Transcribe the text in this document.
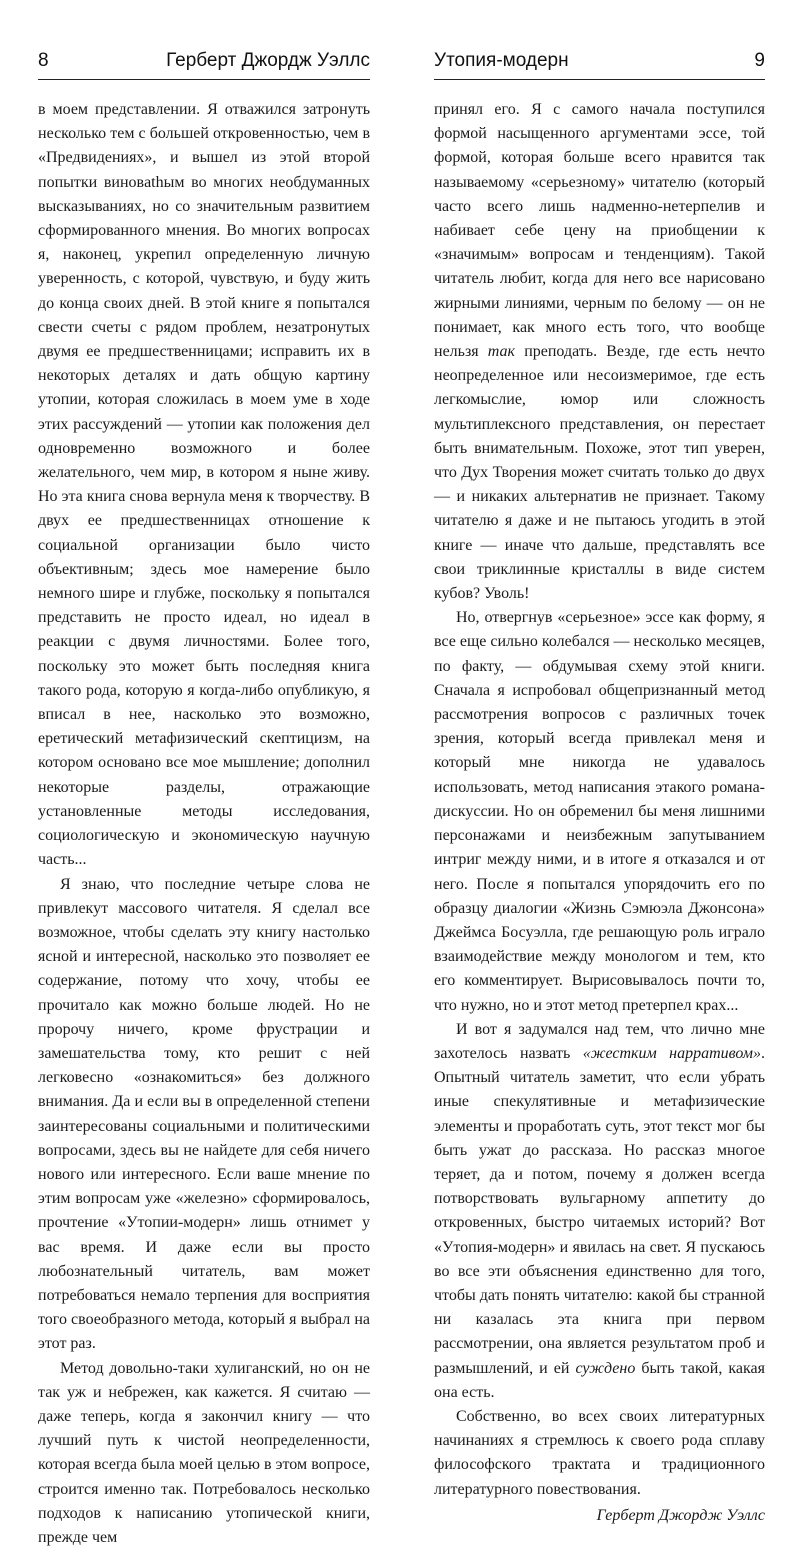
8	Герберт Джордж Уэллс

в моем представлении. Я отважился затронуть несколько тем с большей откровенностью, чем в «Предвидениях», и вышел из этой второй попытки виновathым во многих необдуманных высказываниях, но со значительным развитием сформированного мнения. Во многих вопросах я, наконец, укрепил определенную личную уверенность, с которой, чувствую, и буду жить до конца своих дней. В этой книге я попытался свести счеты с рядом проблем, незатронутых двумя ее предшественницами; исправить их в некоторых деталях и дать общую картину утопии, которая сложилась в моем уме в ходе этих рассуждений — утопии как положения дел одновременно возможного и более желательного, чем мир, в котором я ныне живу. Но эта книга снова вернула меня к творчеству. В двух ее предшественницах отношение к социальной организации было чисто объективным; здесь мое намерение было немного шире и глубже, поскольку я попытался представить не просто идеал, но идеал в реакции с двумя личностями. Более того, поскольку это может быть последняя книга такого рода, которую я когда-либо опубликую, я вписал в нее, насколько это возможно, еретический метафизический скептицизм, на котором основано все мое мышление; дополнил некоторые разделы, отражающие установленные методы исследования, социологическую и экономическую научную часть...

Я знаю, что последние четыре слова не привлекут массового читателя. Я сделал все возможное, чтобы сделать эту книгу настолько ясной и интересной, насколько это позволяет ее содержание, потому что хочу, чтобы ее прочитало как можно больше людей. Но не пророчу ничего, кроме фрустрации и замешательства тому, кто решит с ней легковесно «ознакомиться» без должного внимания. Да и если вы в определенной степени заинтересованы социальными и политическими вопросами, здесь вы не найдете для себя ничего нового или интересного. Если ваше мнение по этим вопросам уже «железно» сформировалось, прочтение «Утопии-модерн» лишь отнимет у вас время. И даже если вы просто любознательный читатель, вам может потребоваться немало терпения для восприятия того своеобразного метода, который я выбрал на этот раз.

Метод довольно-таки хулиганский, но он не так уж и небрежен, как кажется. Я считаю — даже теперь, когда я закончил книгу — что лучший путь к чистой неопределенности, которая всегда была моей целью в этом вопросе, строится именно так. Потребовалось несколько подходов к написанию утопической книги, прежде чем

Утопия-модерн	9

принял его. Я с самого начала поступился формой насыщенного аргументами эссе, той формой, которая больше всего нравится так называемому «серьезному» читателю (который часто всего лишь надменно-нетерпелив и набивает себе цену на приобщении к «значимым» вопросам и тенденциям). Такой читатель любит, когда для него все нарисовано жирными линиями, черным по белому — он не понимает, как много есть того, что вообще нельзя так преподать. Везде, где есть нечто неопределенное или несоизмеримое, где есть легкомыслие, юмор или сложность мультиплексного представления, он перестает быть внимательным. Похоже, этот тип уверен, что Дух Творения может считать только до двух — и никаких альтернатив не признает. Такому читателю я даже и не пытаюсь угодить в этой книге — иначе что дальше, представлять все свои триклинные кристаллы в виде систем кубов? Уволь!

Но, отвергнув «серьезное» эссе как форму, я все еще сильно колебался — несколько месяцев, по факту, — обдумывая схему этой книги. Сначала я испробовал общепризнанный метод рассмотрения вопросов с различных точек зрения, который всегда привлекал меня и который мне никогда не удавалось использовать, метод написания этакого романа-дискуссии. Но он обременил бы меня лишними персонажами и неизбежным запутыванием интриг между ними, и в итоге я отказался и от него. После я попытался упорядочить его по образцу диалогии «Жизнь Сэмюэла Джонсона» Джеймса Босуэлла, где решающую роль играло взаимодействие между монологом и тем, кто его комментирует. Вырисовывалось почти то, что нужно, но и этот метод претерпел крах...

И вот я задумался над тем, что лично мне захотелось назвать «жестким нарративом». Опытный читатель заметит, что если убрать иные спекулятивные и метафизические элементы и проработать суть, этот текст мог бы быть ужат до рассказа. Но рассказ многое теряет, да и потом, почему я должен всегда потворствовать вульгарному аппетиту до откровенных, быстро читаемых историй? Вот «Утопия-модерн» и явилась на свет. Я пускаюсь во все эти объяснения единственно для того, чтобы дать понять читателю: какой бы странной ни казалась эта книга при первом рассмотрении, она является результатом проб и размышлений, и ей суждено быть такой, какая она есть.

Собственно, во всех своих литературных начинаниях я стремлюсь к своего рода сплаву философского трактата и традиционного литературного повествования.

Герберт Джордж Уэллс
